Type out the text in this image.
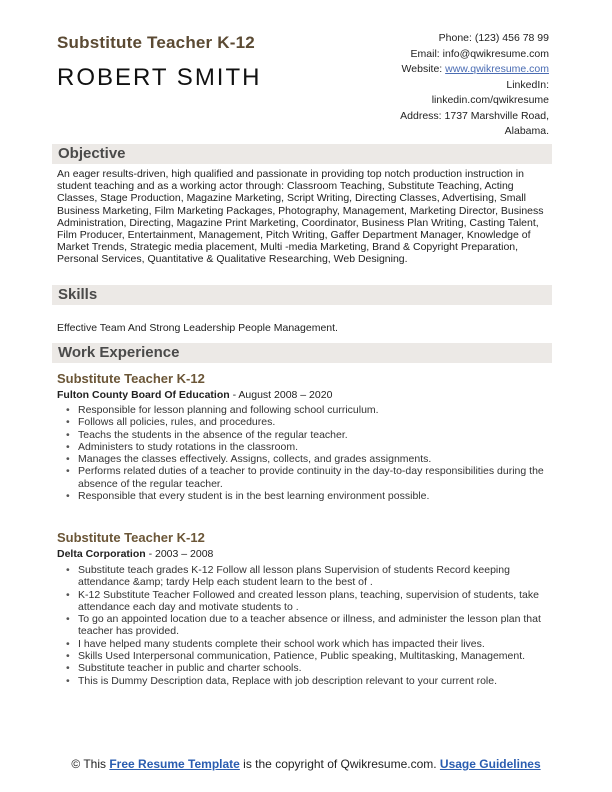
Substitute Teacher K-12
ROBERT SMITH
Phone: (123) 456 78 99
Email: info@qwikresume.com
Website: www.qwikresume.com
LinkedIn:
linkedin.com/qwikresume
Address: 1737 Marshville Road,
Alabama.
Objective
An eager results-driven, high qualified and passionate in providing top notch production instruction in student teaching and as a working actor through: Classroom Teaching, Substitute Teaching, Acting Classes, Stage Production, Magazine Marketing, Script Writing, Directing Classes, Advertising, Small Business Marketing, Film Marketing Packages, Photography, Management, Marketing Director, Business Administration, Directing, Magazine Print Marketing, Coordinator, Business Plan Writing, Casting Talent, Film Producer, Entertainment, Management, Pitch Writing, Gaffer Department Manager, Knowledge of Market Trends, Strategic media placement, Multi -media Marketing, Brand & Copyright Preparation, Personal Services, Quantitative & Qualitative Researching, Web Designing.
Skills
Effective Team And Strong Leadership People Management.
Work Experience
Substitute Teacher K-12
Fulton County Board Of Education - August 2008 – 2020
• Responsible for lesson planning and following school curriculum.
• Follows all policies, rules, and procedures.
• Teachs the students in the absence of the regular teacher.
• Administers to study rotations in the classroom.
• Manages the classes effectively. Assigns, collects, and grades assignments.
• Performs related duties of a teacher to provide continuity in the day-to-day responsibilities during the absence of the regular teacher.
• Responsible that every student is in the best learning environment possible.
Substitute Teacher K-12
Delta Corporation - 2003 – 2008
• Substitute teach grades K-12 Follow all lesson plans Supervision of students Record keeping attendance &amp; tardy Help each student learn to the best of .
• K-12 Substitute Teacher Followed and created lesson plans, teaching, supervision of students, take attendance each day and motivate students to .
• To go an appointed location due to a teacher absence or illness, and administer the lesson plan that teacher has provided.
• I have helped many students complete their school work which has impacted their lives.
• Skills Used Interpersonal communication, Patience, Public speaking, Multitasking, Management.
• Substitute teacher in public and charter schools.
• This is Dummy Description data, Replace with job description relevant to your current role.
© This Free Resume Template is the copyright of Qwikresume.com. Usage Guidelines
